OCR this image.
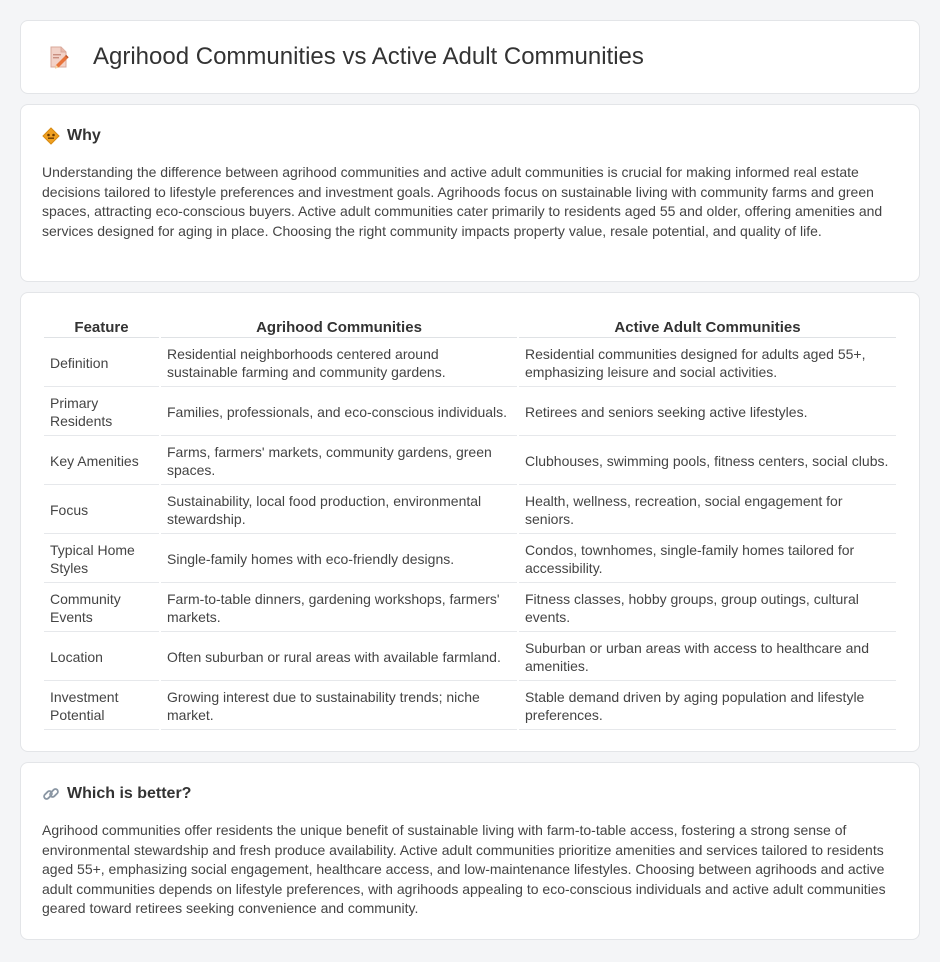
Agrihood Communities vs Active Adult Communities
Why

Understanding the difference between agrihood communities and active adult communities is crucial for making informed real estate decisions tailored to lifestyle preferences and investment goals. Agrihoods focus on sustainable living with community farms and green spaces, attracting eco-conscious buyers. Active adult communities cater primarily to residents aged 55 and older, offering amenities and services designed for aging in place. Choosing the right community impacts property value, resale potential, and quality of life.

Feature	Agrihood Communities	Active Adult Communities
Definition	Residential neighborhoods centered around sustainable farming and community gardens.	Residential communities designed for adults aged 55+, emphasizing leisure and social activities.
Primary Residents	Families, professionals, and eco-conscious individuals.	Retirees and seniors seeking active lifestyles.
Key Amenities	Farms, farmers' markets, community gardens, green spaces.	Clubhouses, swimming pools, fitness centers, social clubs.
Focus	Sustainability, local food production, environmental stewardship.	Health, wellness, recreation, social engagement for seniors.
Typical Home Styles	Single-family homes with eco-friendly designs.	Condos, townhomes, single-family homes tailored for accessibility.
Community Events	Farm-to-table dinners, gardening workshops, farmers' markets.	Fitness classes, hobby groups, group outings, cultural events.
Location	Often suburban or rural areas with available farmland.	Suburban or urban areas with access to healthcare and amenities.
Investment Potential	Growing interest due to sustainability trends; niche market.	Stable demand driven by aging population and lifestyle preferences.
Which is better?

Agrihood communities offer residents the unique benefit of sustainable living with farm-to-table access, fostering a strong sense of environmental stewardship and fresh produce availability. Active adult communities prioritize amenities and services tailored to residents aged 55+, emphasizing social engagement, healthcare access, and low-maintenance lifestyles. Choosing between agrihoods and active adult communities depends on lifestyle preferences, with agrihoods appealing to eco-conscious individuals and active adult communities geared toward retirees seeking convenience and community.
